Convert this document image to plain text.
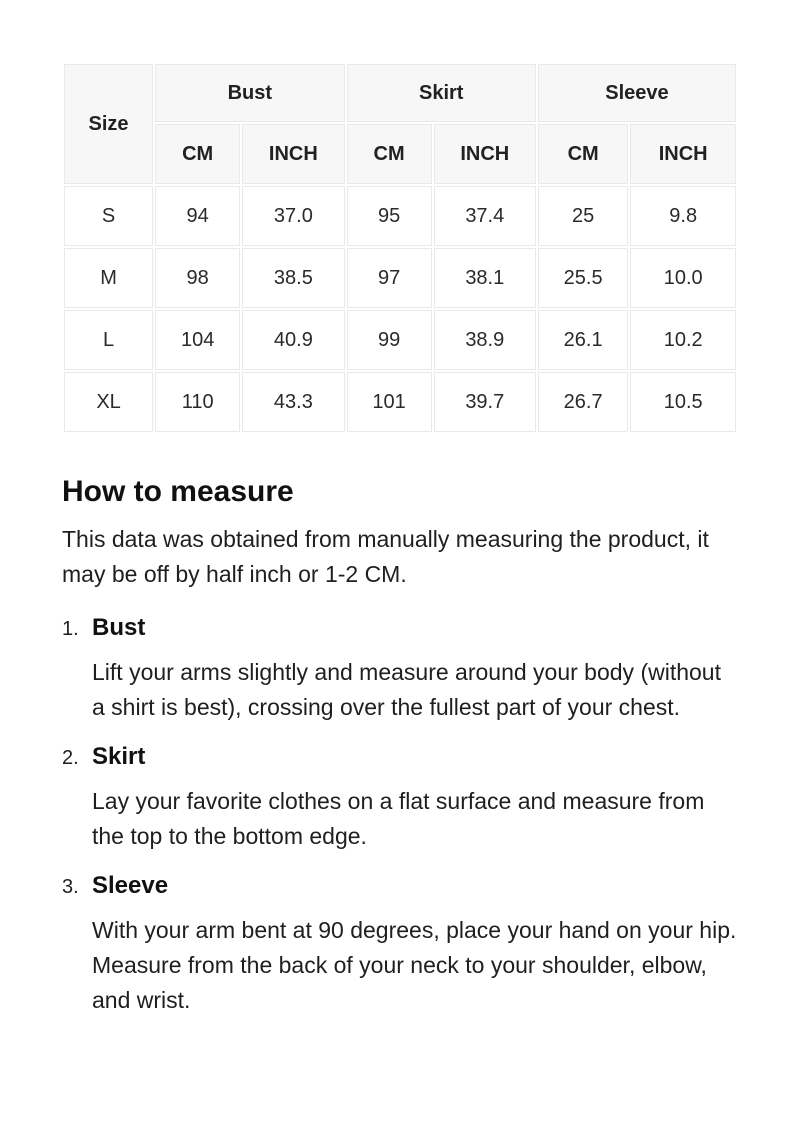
Size	Bust		Skirt		Sleeve	
	CM	INCH	CM	INCH	CM	INCH
S	94	37.0	95	37.4	25	9.8
M	98	38.5	97	38.1	25.5	10.0
L	104	40.9	99	38.9	26.1	10.2
XL	110	43.3	101	39.7	26.7	10.5
How to measure

This data was obtained from manually measuring the product, it may be off by half inch or 1-2 CM.

1. Bust

Lift your arms slightly and measure around your body (without a shirt is best), crossing over the fullest part of your chest.

2. Skirt

Lay your favorite clothes on a flat surface and measure from the top to the bottom edge.

3. Sleeve

With your arm bent at 90 degrees, place your hand on your hip. Measure from the back of your neck to your shoulder, elbow, and wrist.
